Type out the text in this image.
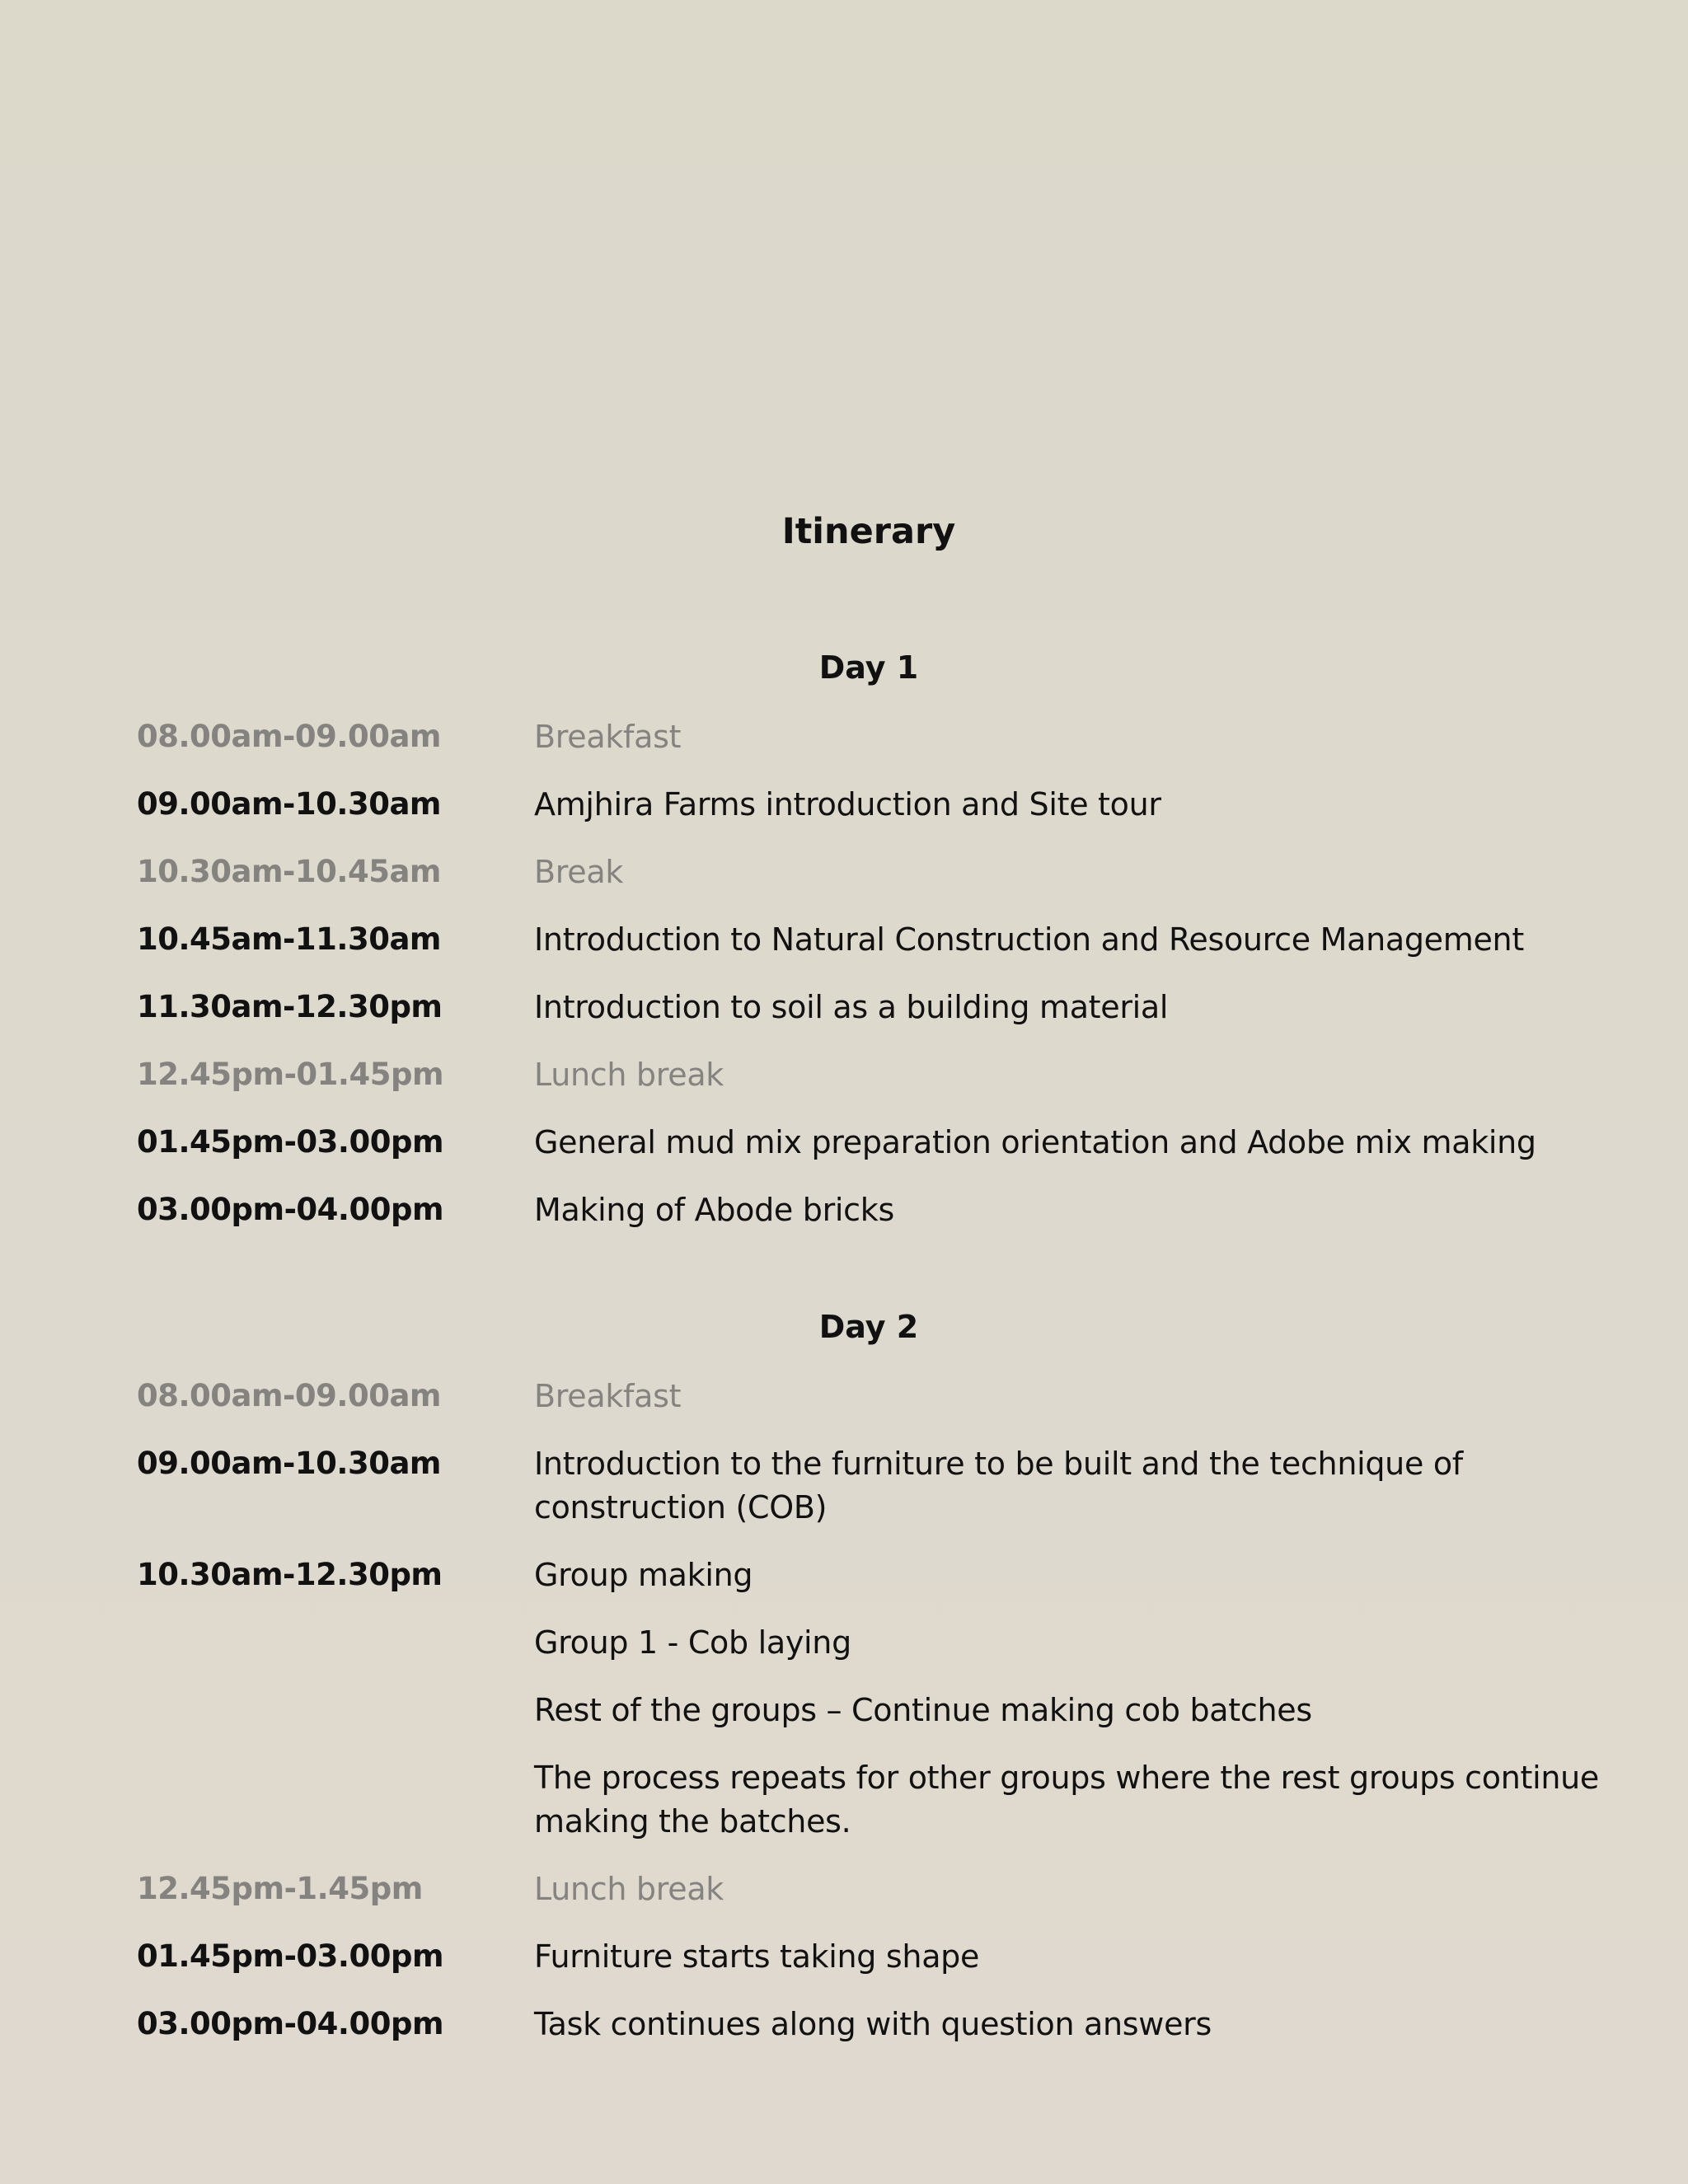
Itinerary
Day 1
08.00am-09.00am	Breakfast
09.00am-10.30am	Amjhira Farms introduction and Site tour
10.30am-10.45am	Break
10.45am-11.30am	Introduction to Natural Construction and Resource Management
11.30am-12.30pm	Introduction to soil as a building material
12.45pm-01.45pm	Lunch break
01.45pm-03.00pm	General mud mix preparation orientation and Adobe mix making
03.00pm-04.00pm	Making of Abode bricks
Day 2
08.00am-09.00am	Breakfast
09.00am-10.30am	Introduction to the furniture to be built and the technique of construction (COB)
10.30am-12.30pm	Group making
Group 1 - Cob laying
Rest of the groups – Continue making cob batches
The process repeats for other groups where the rest groups continue making the batches.
12.45pm-1.45pm	Lunch break
01.45pm-03.00pm	Furniture starts taking shape
03.00pm-04.00pm	Task continues along with question answers
